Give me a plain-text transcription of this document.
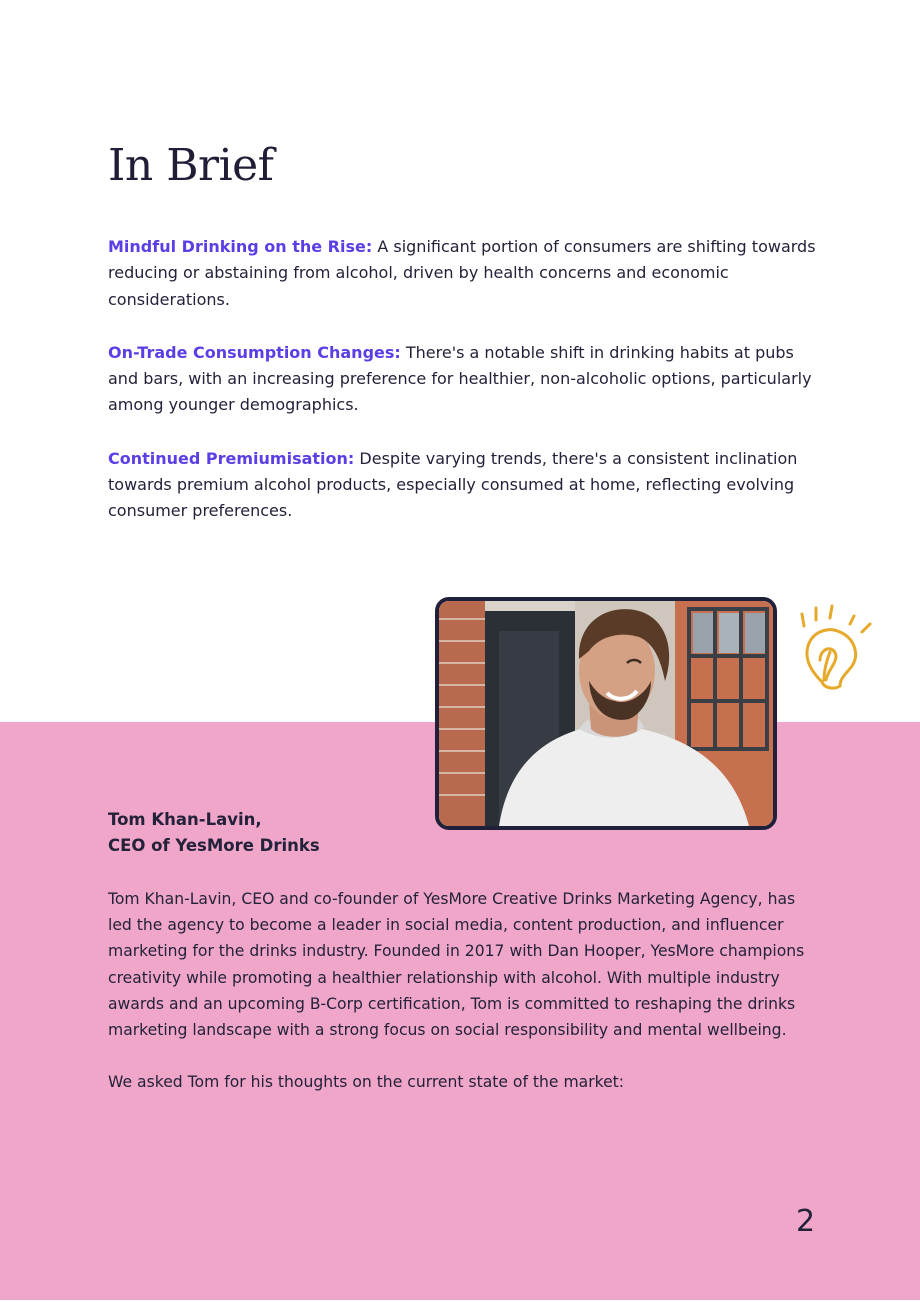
In Brief

Mindful Drinking on the Rise: A significant portion of consumers are shifting towards reducing or abstaining from alcohol, driven by health concerns and economic considerations.

On-Trade Consumption Changes: There's a notable shift in drinking habits at pubs and bars, with an increasing preference for healthier, non-alcoholic options, particularly among younger demographics.

Continued Premiumisation: Despite varying trends, there's a consistent inclination towards premium alcohol products, especially consumed at home, reflecting evolving consumer preferences.

Tom Khan-Lavin,
CEO of YesMore Drinks

Tom Khan-Lavin, CEO and co-founder of YesMore Creative Drinks Marketing Agency, has led the agency to become a leader in social media, content production, and influencer marketing for the drinks industry. Founded in 2017 with Dan Hooper, YesMore champions creativity while promoting a healthier relationship with alcohol. With multiple industry awards and an upcoming B-Corp certification, Tom is committed to reshaping the drinks marketing landscape with a strong focus on social responsibility and mental wellbeing.

We asked Tom for his thoughts on the current state of the market:

2
